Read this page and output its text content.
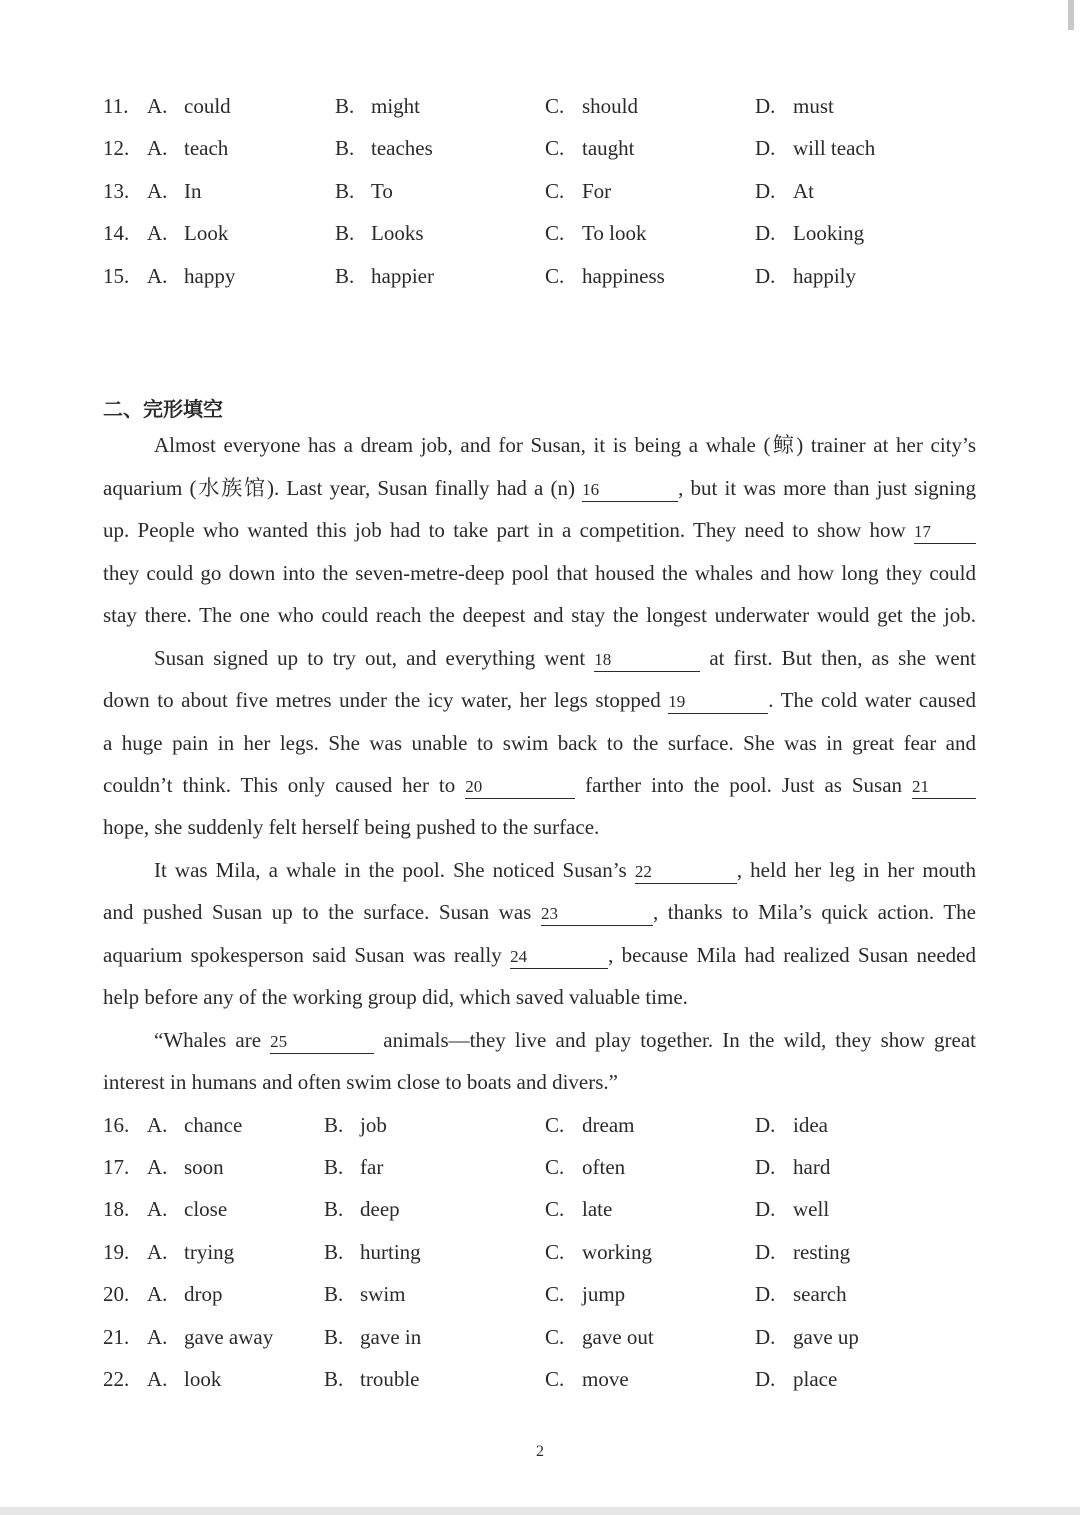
11. A. could	B. might	C. should	D. must
12. A. teach	B. teaches	C. taught	D. will teach
13. A. In	B. To	C. For	D. At
14. A. Look	B. Looks	C. To look	D. Looking
15. A. happy	B. happier	C. happiness	D. happily
二、完形填空
Almost everyone has a dream job, and for Susan, it is being a whale (鲸) trainer at her city’s
aquarium (水族馆). Last year, Susan finally had a (n) 16	, but it was more than just signing
up. People who wanted this job had to take part in a competition. They need to show how 17
they could go down into the seven-metre-deep pool that housed the whales and how long they could
stay there. The one who could reach the deepest and stay the longest underwater would get the job.
Susan signed up to try out, and everything went 18	at first. But then, as she went
down to about five metres under the icy water, her legs stopped 19	. The cold water caused
a huge pain in her legs. She was unable to swim back to the surface. She was in great fear and
couldn’t think. This only caused her to 20	farther into the pool. Just as Susan 21
hope, she suddenly felt herself being pushed to the surface.
It was Mila, a whale in the pool. She noticed Susan’s 22	, held her leg in her mouth
and pushed Susan up to the surface. Susan was 23	, thanks to Mila’s quick action. The
aquarium spokesperson said Susan was really 24	, because Mila had realized Susan needed
help before any of the working group did, which saved valuable time.
“Whales are 25	animals—they live and play together. In the wild, they show great
interest in humans and often swim close to boats and divers.”
16. A. chance	B. job	C. dream	D. idea
17. A. soon	B. far	C. often	D. hard
18. A. close	B. deep	C. late	D. well
19. A. trying	B. hurting	C. working	D. resting
20. A. drop	B. swim	C. jump	D. search
21. A. gave away B. gave in	C. gave out	D. gave up
22. A. look	B. trouble	C. move	D. place
2
